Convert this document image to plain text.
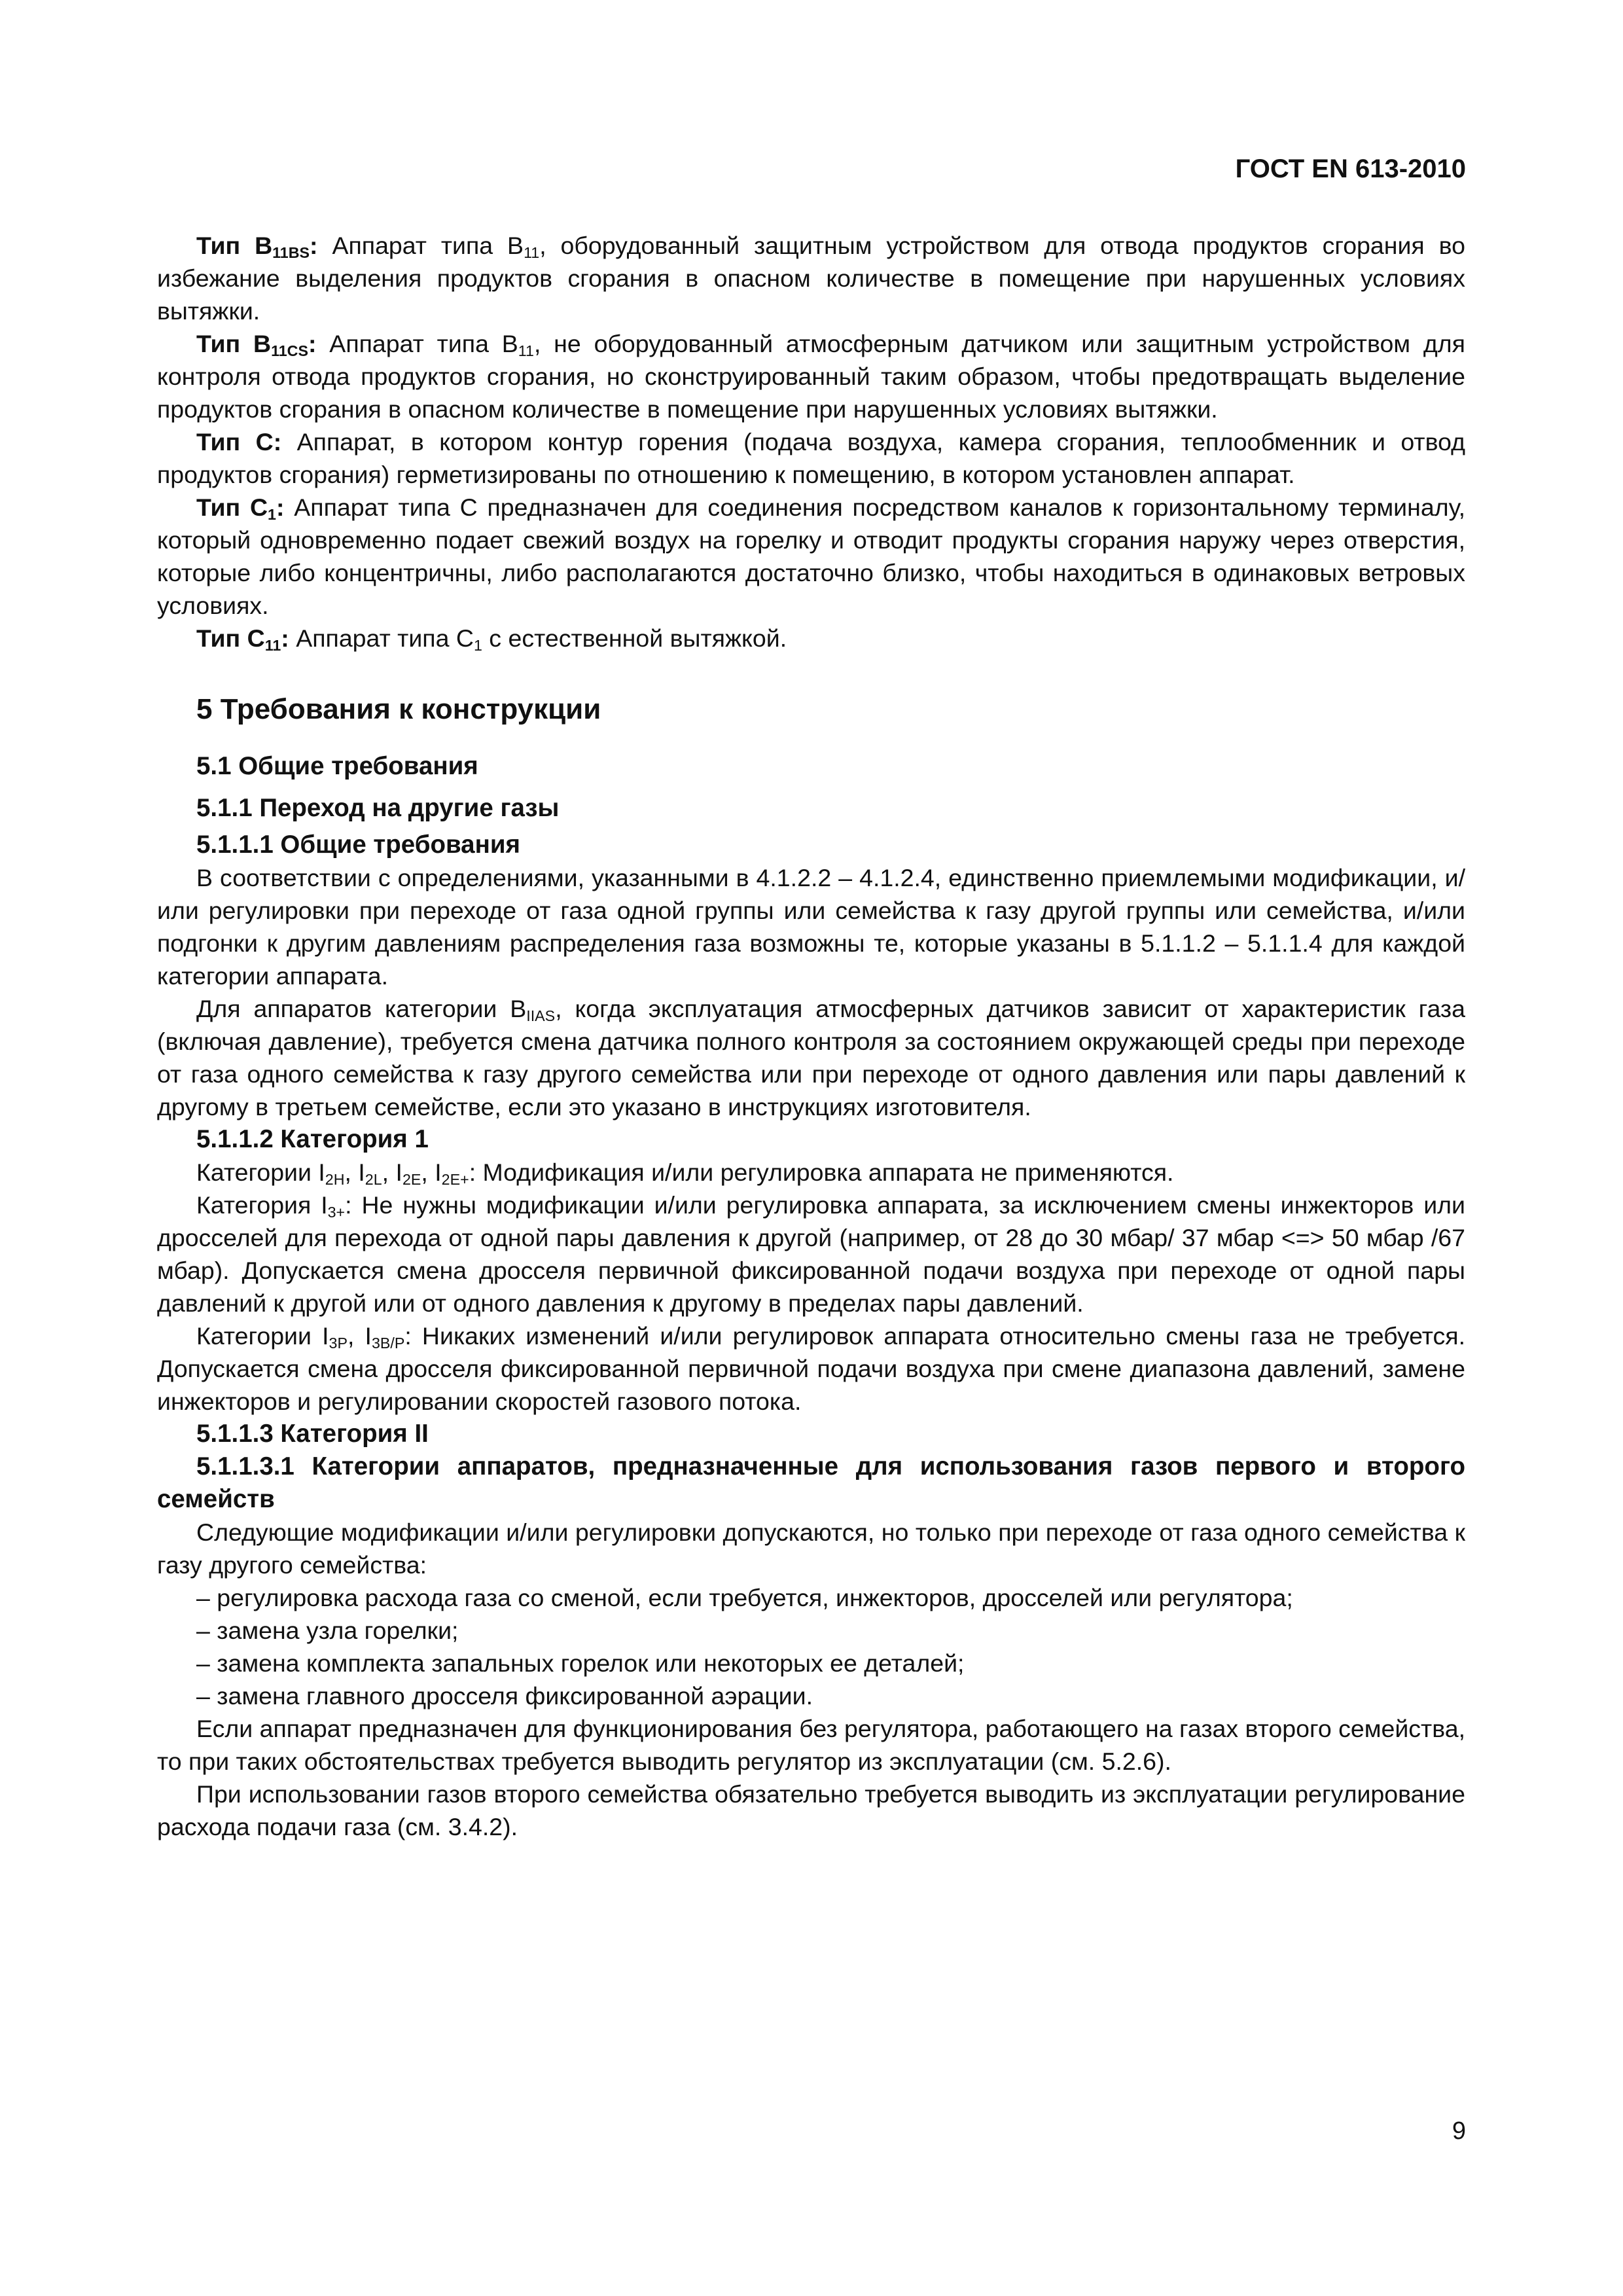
ГОСТ EN 613-2010

Тип $B_{11BS}$: Аппарат типа $B_{11}$, оборудованный защитным устройством для отвода продуктов сгорания во избежание выделения продуктов сгорания в опасном количестве в помещение при нарушенных условиях вытяжки.

Тип $B_{11CS}$: Аппарат типа $B_{11}$, не оборудованный атмосферным датчиком или защитным устройством для контроля отвода продуктов сгорания, но сконструированный таким образом, чтобы предотвращать выделение продуктов сгорания в опасном количестве в помещение при нарушенных условиях вытяжки.

Тип С: Аппарат, в котором контур горения (подача воздуха, камера сгорания, теплообменник и отвод продуктов сгорания) герметизированы по отношению к помещению, в котором установлен аппарат.

Тип $С_1$: Аппарат типа С предназначен для соединения посредством каналов к горизонтальному терминалу, который одновременно подает свежий воздух на горелку и отводит продукты сгорания наружу через отверстия, которые либо концентричны, либо располагаются достаточно близко, чтобы находиться в одинаковых ветровых условиях.

Тип $С_{11}$: Аппарат типа $С_1$ с естественной вытяжкой.

5 Требования к конструкции
5.1 Общие требования
5.1.1 Переход на другие газы
5.1.1.1 Общие требования

В соответствии с определениями, указанными в 4.1.2.2 – 4.1.2.4, единственно приемлемыми модификации, и/или регулировки при переходе от газа одной группы или семейства к газу другой группы или семейства, и/или подгонки к другим давлениям распределения газа возможны те, которые указаны в 5.1.1.2 – 5.1.1.4 для каждой категории аппарата.

Для аппаратов категории $B_{IIAS}$, когда эксплуатация атмосферных датчиков зависит от характеристик газа (включая давление), требуется смена датчика полного контроля за состоянием окружающей среды при переходе от газа одного семейства к газу другого семейства или при переходе от одного давления или пары давлений к другому в третьем семействе, если это указано в инструкциях изготовителя.

5.1.1.2 Категория 1

Категории $I_{2H}$, $I_{2L}$, $I_{2E}$, $I_{2E+}$: Модификация и/или регулировка аппарата не применяются.

Категория $I_{3+}$: Не нужны модификации и/или регулировка аппарата, за исключением смены инжекторов или дросселей для перехода от одной пары давления к другой (например, от 28 до 30 мбар/ 37 мбар <=> 50 мбар /67 мбар). Допускается смена дросселя первичной фиксированной подачи воздуха при переходе от одной пары давлений к другой или от одного давления к другому в пределах пары давлений.

Категории $I_{3P}$, $I_{3B/P}$: Никаких изменений и/или регулировок аппарата относительно смены газа не требуется. Допускается смена дросселя фиксированной первичной подачи воздуха при смене диапазона давлений, замене инжекторов и регулировании скоростей газового потока.

5.1.1.3 Категория II

5.1.1.3.1 Категории аппаратов, предназначенные для использования газов первого и второго семейств

Следующие модификации и/или регулировки допускаются, но только при переходе от газа одного семейства к газу другого семейства:

– регулировка расхода газа со сменой, если требуется, инжекторов, дросселей или регулятора;

– замена узла горелки;

– замена комплекта запальных горелок или некоторых ее деталей;

– замена главного дросселя фиксированной аэрации.

Если аппарат предназначен для функционирования без регулятора, работающего на газах второго семейства, то при таких обстоятельствах требуется выводить регулятор из эксплуатации (см. 5.2.6).

При использовании газов второго семейства обязательно требуется выводить из эксплуатации регулирование расхода подачи газа (см. 3.4.2).

9
